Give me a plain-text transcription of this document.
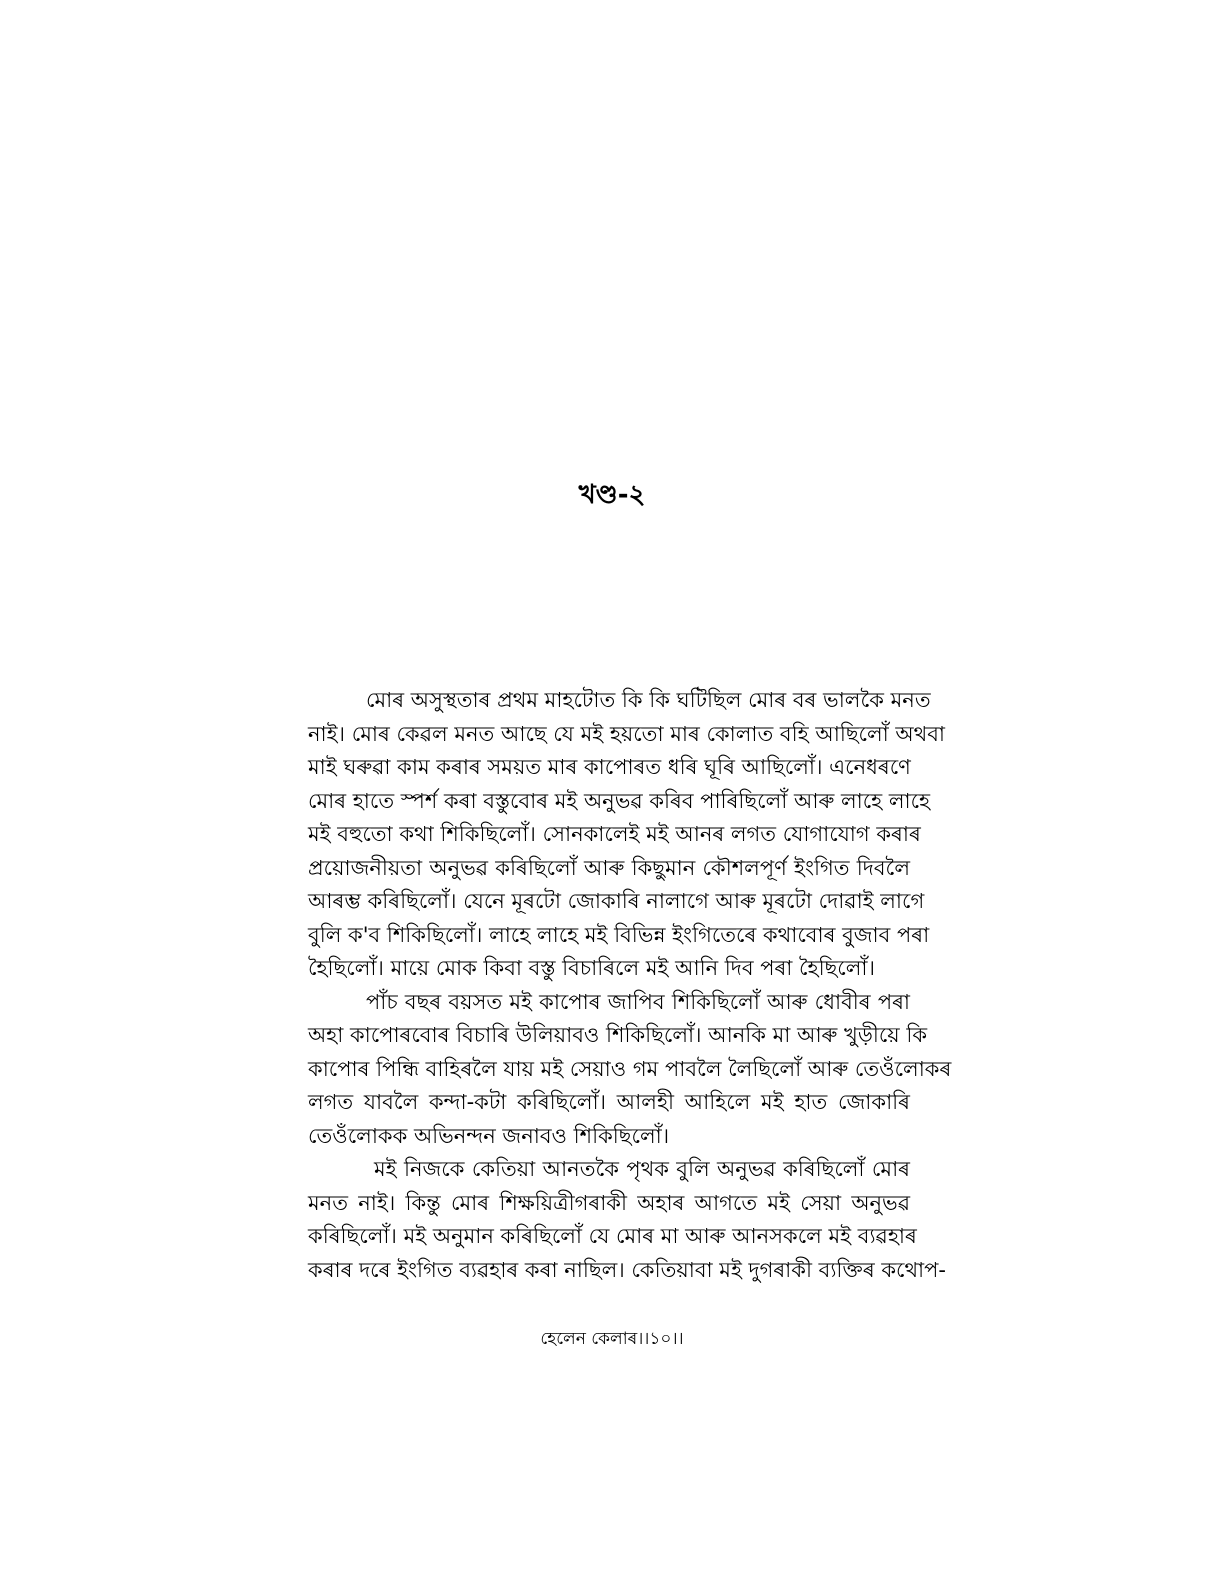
খণ্ড-২
মোৰ অসুস্থতাৰ প্ৰথম মাহটোত কি কি ঘটিছিল মোৰ বৰ ভালকৈ মনত
নাই। মোৰ কেৱল মনত আছে যে মই হয়তো মাৰ কোলাত বহি আছিলোঁ অথবা
মাই ঘৰুৱা কাম কৰাৰ সময়ত মাৰ কাপোৰত ধৰি ঘূৰি আছিলোঁ। এনেধৰণে
মোৰ হাতে স্পৰ্শ কৰা বস্তুবোৰ মই অনুভৱ কৰিব পাৰিছিলোঁ আৰু লাহে লাহে
মই বহুতো কথা শিকিছিলোঁ। সোনকালেই মই আনৰ লগত যোগাযোগ কৰাৰ
প্ৰয়োজনীয়তা অনুভৱ কৰিছিলোঁ আৰু কিছুমান কৌশলপূৰ্ণ ইংগিত দিবলৈ
আৰম্ভ কৰিছিলোঁ। যেনে মূৰটো জোকাৰি নালাগে আৰু মূৰটো দোৱাই লাগে
বুলি ক'ব শিকিছিলোঁ। লাহে লাহে মই বিভিন্ন ইংগিতেৰে কথাবোৰ বুজাব পৰা
হৈছিলোঁ। মায়ে মোক কিবা বস্তু বিচাৰিলে মই আনি দিব পৰা হৈছিলোঁ।
পাঁচ বছৰ বয়সত মই কাপোৰ জাপিব শিকিছিলোঁ আৰু ধোবীৰ পৰা
অহা কাপোৰবোৰ বিচাৰি উলিয়াবও শিকিছিলোঁ। আনকি মা আৰু খুড়ীয়ে কি
কাপোৰ পিন্ধি বাহিৰলৈ যায় মই সেয়াও গম পাবলৈ লৈছিলোঁ আৰু তেওঁলোকৰ
লগত যাবলৈ কন্দা-কটা কৰিছিলোঁ। আলহী আহিলে মই হাত জোকাৰি
তেওঁলোকক অভিনন্দন জনাবও শিকিছিলোঁ।
মই নিজকে কেতিয়া আনতকৈ পৃথক বুলি অনুভৱ কৰিছিলোঁ মোৰ
মনত নাই। কিন্তু মোৰ শিক্ষয়িত্ৰীগৰাকী অহাৰ আগতে মই সেয়া অনুভৱ
কৰিছিলোঁ। মই অনুমান কৰিছিলোঁ যে মোৰ মা আৰু আনসকলে মই ব্যৱহাৰ
কৰাৰ দৰে ইংগিত ব্যৱহাৰ কৰা নাছিল। কেতিয়াবা মই দুগৰাকী ব্যক্তিৰ কথোপ-
হেলেন কেলাৰ।।১০।।
